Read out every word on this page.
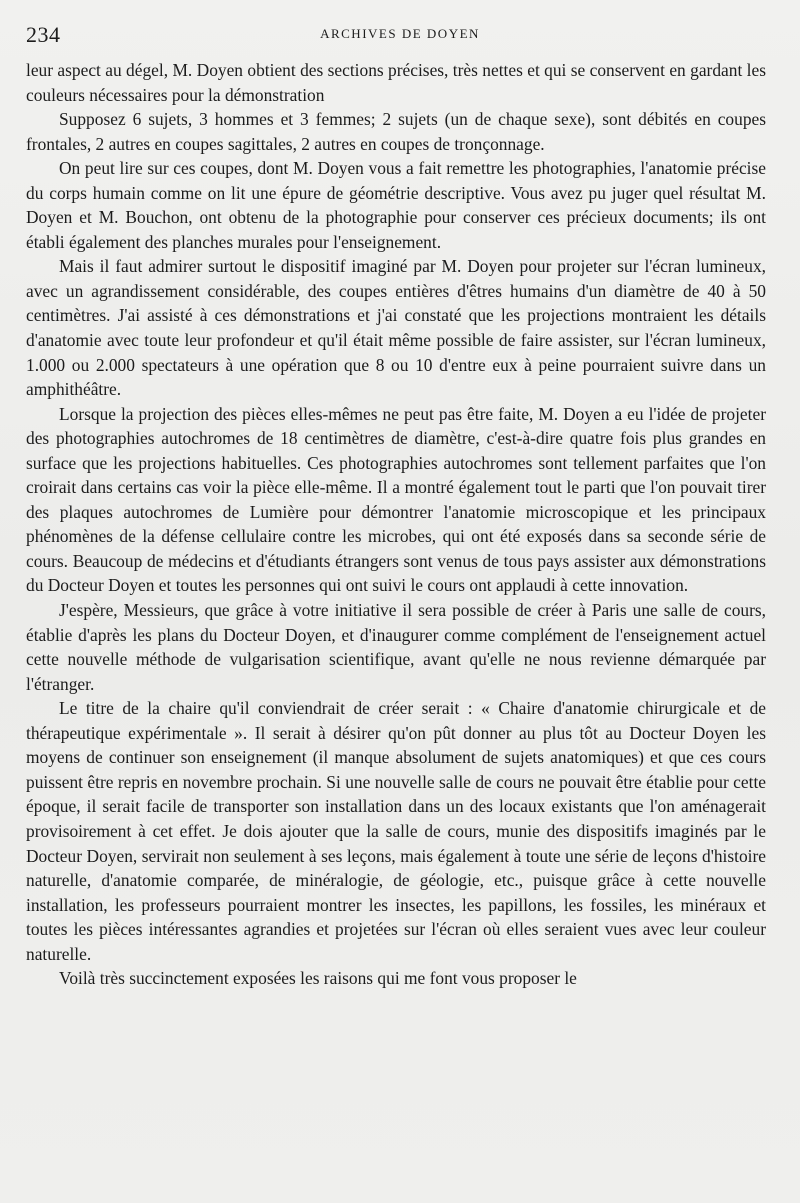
234	ARCHIVES DE DOYEN

leur aspect au dégel, M. Doyen obtient des sections précises, très nettes et qui se conservent en gardant les couleurs nécessaires pour la démonstration

Supposez 6 sujets, 3 hommes et 3 femmes; 2 sujets (un de chaque sexe), sont débités en coupes frontales, 2 autres en coupes sagittales, 2 autres en coupes de tronçonnage.

On peut lire sur ces coupes, dont M. Doyen vous a fait remettre les photographies, l'anatomie précise du corps humain comme on lit une épure de géométrie descriptive. Vous avez pu juger quel résultat M. Doyen et M. Bouchon, ont obtenu de la photographie pour conserver ces précieux documents; ils ont établi également des planches murales pour l'enseignement.

Mais il faut admirer surtout le dispositif imaginé par M. Doyen pour projeter sur l'écran lumineux, avec un agrandissement considérable, des coupes entières d'êtres humains d'un diamètre de 40 à 50 centimètres. J'ai assisté à ces démonstrations et j'ai constaté que les projections montraient les détails d'anatomie avec toute leur profondeur et qu'il était même possible de faire assister, sur l'écran lumineux, 1.000 ou 2.000 spectateurs à une opération que 8 ou 10 d'entre eux à peine pourraient suivre dans un amphithéâtre.

Lorsque la projection des pièces elles-mêmes ne peut pas être faite, M. Doyen a eu l'idée de projeter des photographies autochromes de 18 centimètres de diamètre, c'est-à-dire quatre fois plus grandes en surface que les projections habituelles. Ces photographies autochromes sont tellement parfaites que l'on croirait dans certains cas voir la pièce elle-même. Il a montré également tout le parti que l'on pouvait tirer des plaques autochromes de Lumière pour démontrer l'anatomie microscopique et les principaux phénomènes de la défense cellulaire contre les microbes, qui ont été exposés dans sa seconde série de cours. Beaucoup de médecins et d'étudiants étrangers sont venus de tous pays assister aux démonstrations du Docteur Doyen et toutes les personnes qui ont suivi le cours ont applaudi à cette innovation.

J'espère, Messieurs, que grâce à votre initiative il sera possible de créer à Paris une salle de cours, établie d'après les plans du Docteur Doyen, et d'inaugurer comme complément de l'enseignement actuel cette nouvelle méthode de vulgarisation scientifique, avant qu'elle ne nous revienne démarquée par l'étranger.

Le titre de la chaire qu'il conviendrait de créer serait : « Chaire d'anatomie chirurgicale et de thérapeutique expérimentale ». Il serait à désirer qu'on pût donner au plus tôt au Docteur Doyen les moyens de continuer son enseignement (il manque absolument de sujets anatomiques) et que ces cours puissent être repris en novembre prochain. Si une nouvelle salle de cours ne pouvait être établie pour cette époque, il serait facile de transporter son installation dans un des locaux existants que l'on aménagerait provisoirement à cet effet. Je dois ajouter que la salle de cours, munie des dispositifs imaginés par le Docteur Doyen, servirait non seulement à ses leçons, mais également à toute une série de leçons d'histoire naturelle, d'anatomie comparée, de minéralogie, de géologie, etc., puisque grâce à cette nouvelle installation, les professeurs pourraient montrer les insectes, les papillons, les fossiles, les minéraux et toutes les pièces intéressantes agrandies et projetées sur l'écran où elles seraient vues avec leur couleur naturelle.

Voilà très succinctement exposées les raisons qui me font vous proposer le
